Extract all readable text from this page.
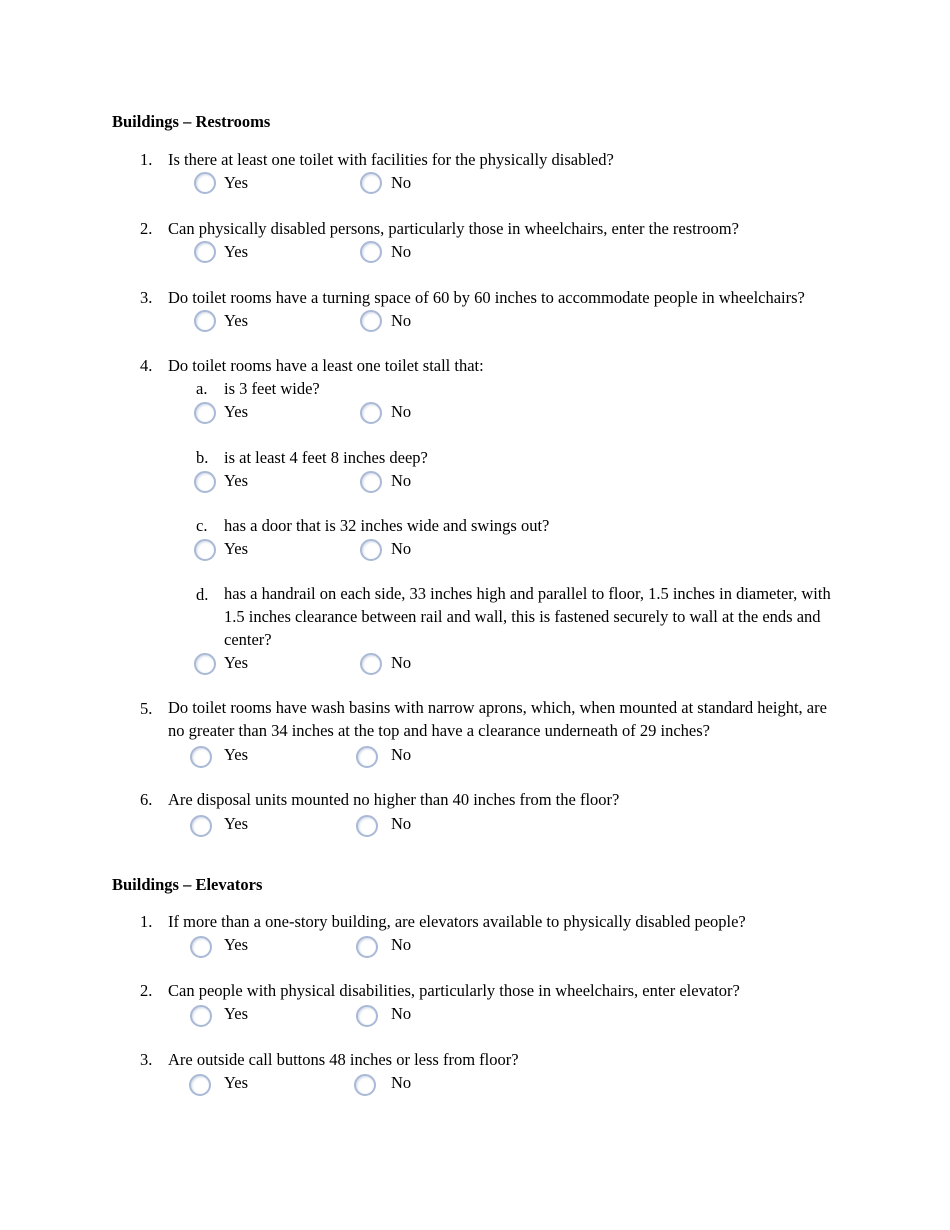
Buildings – Restrooms
1. Is there at least one toilet with facilities for the physically disabled?
Yes	No
2. Can physically disabled persons, particularly those in wheelchairs, enter the restroom?
Yes	No
3. Do toilet rooms have a turning space of 60 by 60 inches to accommodate people in wheelchairs?
Yes	No
4. Do toilet rooms have a least one toilet stall that:
a. is 3 feet wide?
Yes	No
b. is at least 4 feet 8 inches deep?
Yes	No
c. has a door that is 32 inches wide and swings out?
Yes	No
d. has a handrail on each side, 33 inches high and parallel to floor, 1.5 inches in diameter, with 1.5 inches clearance between rail and wall, this is fastened securely to wall at the ends and center?
Yes	No
5. Do toilet rooms have wash basins with narrow aprons, which, when mounted at standard height, are no greater than 34 inches at the top and have a clearance underneath of 29 inches?
Yes	No
6. Are disposal units mounted no higher than 40 inches from the floor?
Yes	No
Buildings – Elevators
1. If more than a one-story building, are elevators available to physically disabled people?
Yes	No
2. Can people with physical disabilities, particularly those in wheelchairs, enter elevator?
Yes	No
3. Are outside call buttons 48 inches or less from floor?
Yes	No
